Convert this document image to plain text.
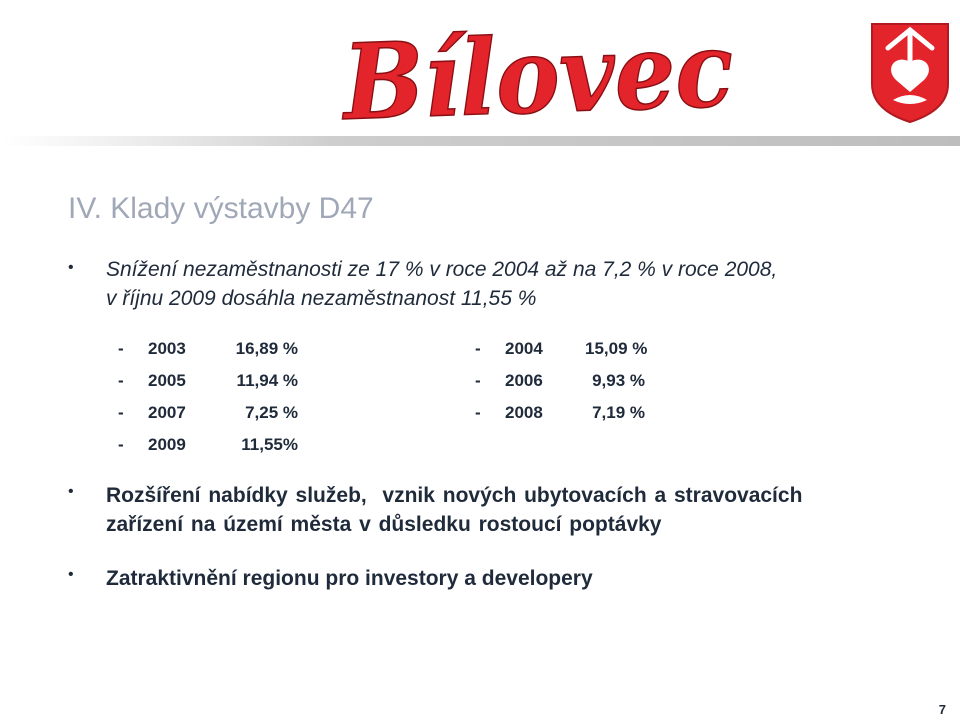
Bílovec
IV. Klady výstavby D47
• Snížení nezaměstnanosti ze 17 % v roce 2004 až na 7,2 % v roce 2008,
v říjnu 2009 dosáhla nezaměstnanost 11,55 %
- 2003	16,89 %
- 2005	11,94 %
- 2007	7,25 %
- 2009	11,55%
- 2004 15,09 %
- 2006	9,93 %
- 2008	7,19 %
• Rozšíření nabídky služeb,  vznik nových ubytovacích a stravovacích
zařízení na území města v důsledku rostoucí poptávky
• Zatraktivnění regionu pro investory a developery
7
